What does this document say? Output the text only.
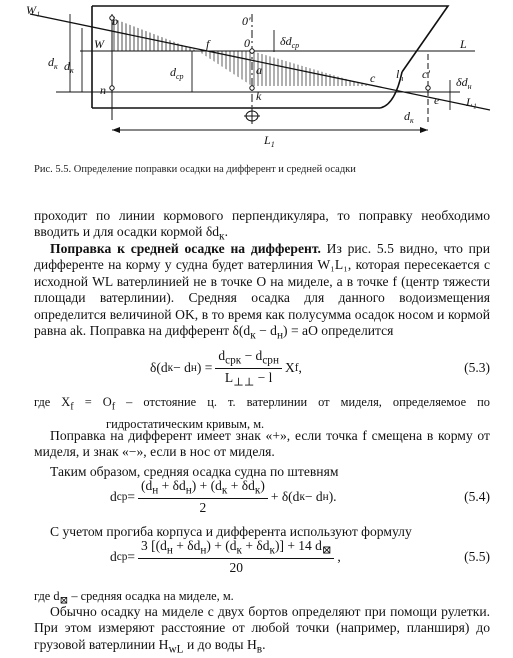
W₁
b
W	f
0'
0	$\delta d_{ср}$	L
$d_к$ $d_к$	$d_{ср}$	a
c $l_н$ c'
$\delta d_н$
L₁
n	k	e
$d_к$
$L_1$
Рис. 5.5. Определение поправки осадки на дифферент и средней осадки
проходит по линии кормового перпендикуляра, то поправку необходимо вводить и для осадки кормой $\delta d_к$.
Поправка к средней осадке на дифферент. Из рис. 5.5 видно, что при дифференте на корму у судна будет ватерлиния W₁L₁, которая пересекается с исходной WL ватерлинией не в точке O на миделе, а в точке f (центр тяжести площади ватерлинии). Средняя осадка для данного водоизмещения определится величиной OK, в то время как полусумма осадок носом и кормой равна ak. Поправка на дифферент $\delta(d_к - d_н)$ = aO определится
δ(d к − d н ) = $\frac{d_{срк} - d_{срн}}{L_{\perp\perp} - l}$ X f ,	(5.3)
где $X_f = O_f$ – отстояние ц. т. ватерлинии от миделя, определяемое по гидростатическим кривым, м.
Поправка на дифферент имеет знак «+», если точка f смещена в корму от миделя, и знак «−», если в нос от миделя.
Таким образом, средняя осадка судна по штевням
d ср = $\frac{(d_н + \delta d_н) + (d_к + \delta d_к)}{2} + \delta(d$ к − d н ).	(5.4)
С учетом прогиба корпуса и дифферента используют формулу
d ср = $\frac{3 [(d_н + \delta d_н) + (d_к + \delta d_к)] + 14 d_⊠}{20}$ ,	(5.5)
где $d_⊠$ – средняя осадка на миделе, м.
Обычно осадку на миделе с двух бортов определяют при помощи рулетки. При этом измеряют расстояние от любой точки (например, планширя) до грузовой ватерлинии $H_{wL}$ и до воды $H_в$.
